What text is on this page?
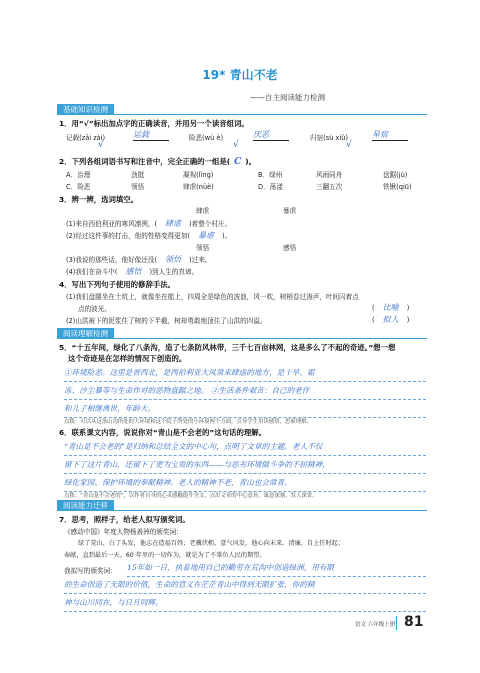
19* 青山不老
——自主阅读能力检测
基础知识检测
1．用“√”标出加点字的正确读音，并用另一个读音组词。
记载(zǎi zài)	运载	险恶(wù è)	厌恶	归宿(sù xiǔ)	星宿
√	√	√
2．下列各组词语书写和注音中，完全正确的一组是( C )。
A．治理	劲挺	凝视(lǐng)	B．绿州	风雨同舟	盘踞(jù)
C．险恶	领悟	肆虐(nüè)	D．荡漾	三翻五次	铁锹(qiū)
3．辨一辨，选词填空。
肆虐	暴虐
(1)来自西伯利亚的寒风凛冽，( 肆虐 )着整个村庄。
(2)经过这件事的打击，他的性格变得更加( 暴虐 )。
领悟	感悟
(3)我说的那些话，他好像还没( 领悟 )过来。
(4)我们在奋斗中( 感悟 )到人生的真谛。
4．写出下列句子使用的修辞手法。
(1)我们盘腿坐在土炕上，就像坐在船上，四周全是绿色的波浪，风一吹，树梢卷过涛声，叶间闪着点
点的波光。	( 比喻 )
(2)山洪被下的泥浆住了树的下半截，树却勇敢地顶住了山洪的四溢。	( 拟人 )
阅读理解检测
5．“十五年间，绿化了八条沟，造了七条防风林带，三千七百亩林网，这是多么了不起的奇迹。”想一想
这个奇迹是在怎样的情况下创造的。
①环境险恶。这里是晋西北，是西伯利亚大风常来肆虐的地方，是干旱、霜
冻、沙尘暴等与生命作对的恶物盘踞之地。 ②生活条件艰苦：自己的老伴
和儿子相继离世，年龄大。
点拨：可以从这条山沟所处的大环境和这个院子所处的小环境两个方面，引导学生用读感悟，思索理解。
6．联系课文内容，说说你对“青山是不会老的”这句话的理解。
“青山是不会老的”是归纳和总结全文的中心句，点明了文章的主题。老人不仅
留下了这片青山，还留下了更为宝贵的东西——与恶劣环境做斗争的不屈精神，
绿化家园、保护环境的奉献精神。老人的精神不老，青山也会常青。
点拨：“青山是不会老的”，以作者自身的心灵感触提升全文，点出文章的中心意旨，寓意深刻，发人深省。
阅读能力迁移
7．思考，照样子，给老人拟写颁奖词。
《感动中国》年度人物杨善洲的颁奖词：
绿了荒山，白了头发，他志在造福百姓；老骥伏枥，意气风发，他心向未来。清廉，自上任时起；
奉献，直到最后一天。60 年里的一切作为，就是为了不辜负人民的期望。
我拟写的颁奖词： 15年如一日，执着地用自己的勤劳在荒沟中创造绿洲，用有限
的生命创造了无限的价值，生命的意义在茫茫青山中得到无限扩张，你的精
神与山川同在，与日月同辉。
语文 六年级上册 81
